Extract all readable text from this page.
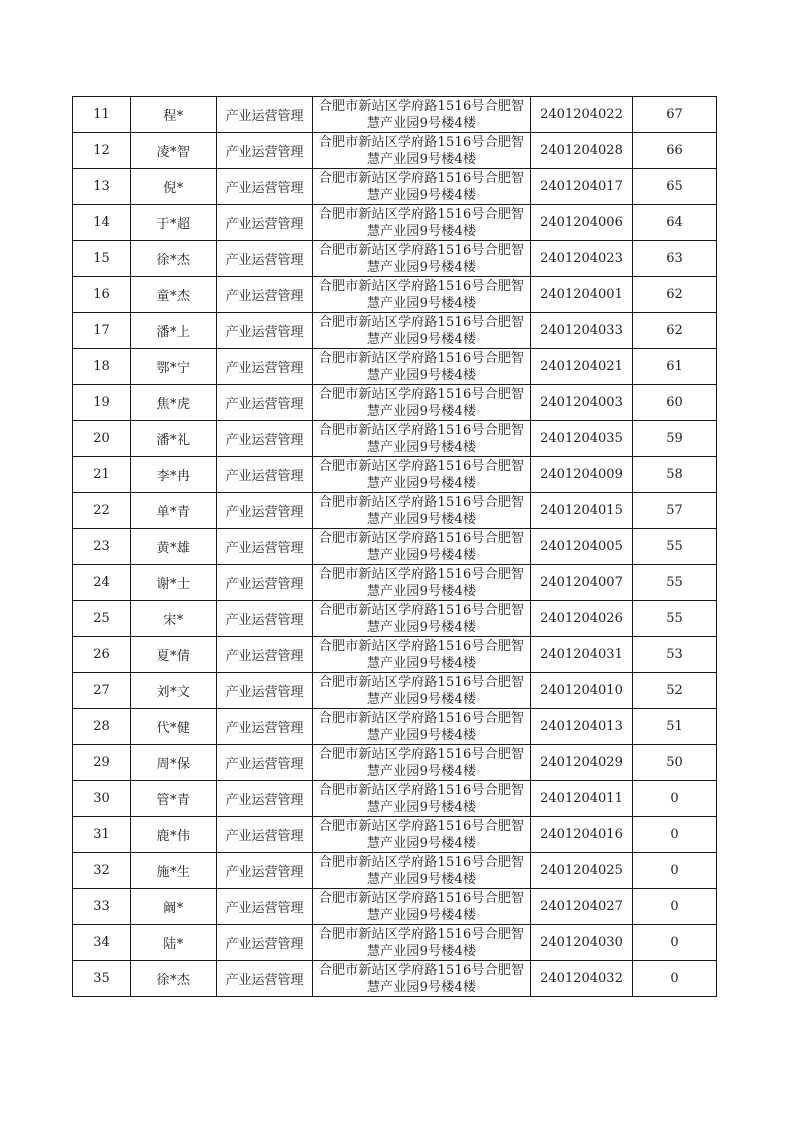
11	程*	产业运营管理	合肥市新站区学府路1516号合肥智慧产业园9号楼4楼	2401204022	67
12	凌*智	产业运营管理	合肥市新站区学府路1516号合肥智慧产业园9号楼4楼	2401204028	66
13	倪*	产业运营管理	合肥市新站区学府路1516号合肥智慧产业园9号楼4楼	2401204017	65
14	于*超	产业运营管理	合肥市新站区学府路1516号合肥智慧产业园9号楼4楼	2401204006	64
15	徐*杰	产业运营管理	合肥市新站区学府路1516号合肥智慧产业园9号楼4楼	2401204023	63
16	童*杰	产业运营管理	合肥市新站区学府路1516号合肥智慧产业园9号楼4楼	2401204001	62
17	潘*上	产业运营管理	合肥市新站区学府路1516号合肥智慧产业园9号楼4楼	2401204033	62
18	鄂*宁	产业运营管理	合肥市新站区学府路1516号合肥智慧产业园9号楼4楼	2401204021	61
19	焦*虎	产业运营管理	合肥市新站区学府路1516号合肥智慧产业园9号楼4楼	2401204003	60
20	潘*礼	产业运营管理	合肥市新站区学府路1516号合肥智慧产业园9号楼4楼	2401204035	59
21	李*冉	产业运营管理	合肥市新站区学府路1516号合肥智慧产业园9号楼4楼	2401204009	58
22	单*青	产业运营管理	合肥市新站区学府路1516号合肥智慧产业园9号楼4楼	2401204015	57
23	黄*雄	产业运营管理	合肥市新站区学府路1516号合肥智慧产业园9号楼4楼	2401204005	55
24	谢*士	产业运营管理	合肥市新站区学府路1516号合肥智慧产业园9号楼4楼	2401204007	55
25	宋*	产业运营管理	合肥市新站区学府路1516号合肥智慧产业园9号楼4楼	2401204026	55
26	夏*倩	产业运营管理	合肥市新站区学府路1516号合肥智慧产业园9号楼4楼	2401204031	53
27	刘*文	产业运营管理	合肥市新站区学府路1516号合肥智慧产业园9号楼4楼	2401204010	52
28	代*健	产业运营管理	合肥市新站区学府路1516号合肥智慧产业园9号楼4楼	2401204013	51
29	周*保	产业运营管理	合肥市新站区学府路1516号合肥智慧产业园9号楼4楼	2401204029	50
30	管*青	产业运营管理	合肥市新站区学府路1516号合肥智慧产业园9号楼4楼	2401204011	0
31	鹿*伟	产业运营管理	合肥市新站区学府路1516号合肥智慧产业园9号楼4楼	2401204016	0
32	施*生	产业运营管理	合肥市新站区学府路1516号合肥智慧产业园9号楼4楼	2401204025	0
33	阚*	产业运营管理	合肥市新站区学府路1516号合肥智慧产业园9号楼4楼	2401204027	0
34	陆*	产业运营管理	合肥市新站区学府路1516号合肥智慧产业园9号楼4楼	2401204030	0
35	徐*杰	产业运营管理	合肥市新站区学府路1516号合肥智慧产业园9号楼4楼	2401204032	0
